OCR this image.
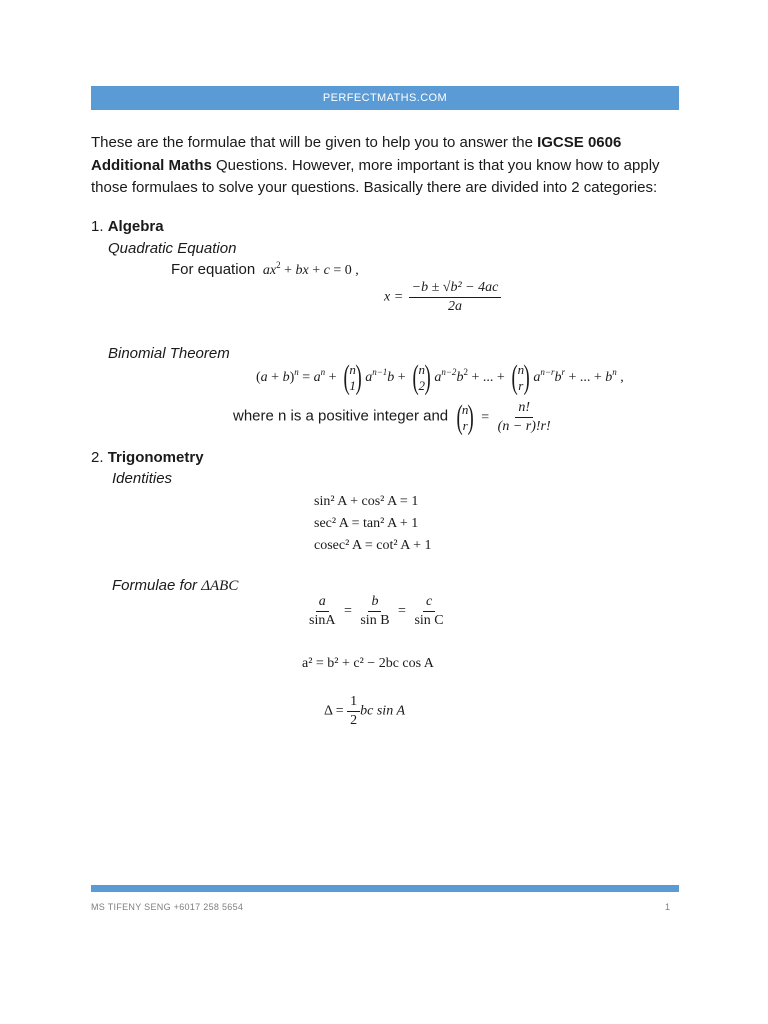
PERFECTMATHS.COM
These are the formulae that will be given to help you to answer the IGCSE 0606
Additional Maths Questions. However, more important is that you know how to apply those formulaes to solve your questions. Basically there are divided into 2 categories:
1. Algebra
Quadratic Equation
For equation $ax^2$ + bx + c = 0 ,
$x = \frac{\text{−b ± √b² − 4ac}}{2a}$
Binomial Theorem
$(a + b)^n = a^n$ + ( n
1 ) $a^{n-1}b$ + ( n
2 ) $a^{n-2}b^2$ + ... + ( n
r ) $a^{n-r}b^r$ + ... + $b^n$ ,
where n is a positive integer and ( n
r ) = $\frac{n!}{(n - r)!r!}$
2. Trigonometry
Identities
sin² A + cos² A = 1
sec² A = tan² A + 1
cosec² A = cot² A + 1
Formulae for ΔABC
$\frac{a}{\sin A} = \frac{b}{\text{sin B}} = \frac{c}{\text{sin C}}$
a² = b² + c² − 2bc cos A
$\Delta = \frac{1}{2}$ bc sin A
MS TIFENY SENG +6017 258 5654	1
